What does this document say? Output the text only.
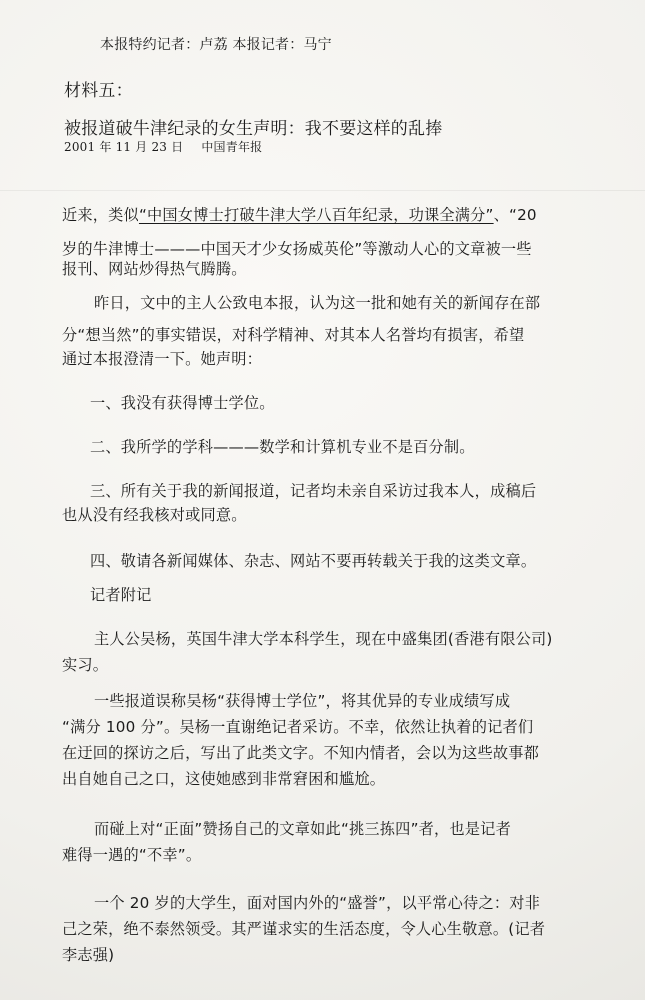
本报特约记者：卢荔 本报记者：马宁
材料五：
被报道破牛津纪录的女生声明：我不要这样的乱捧
2001 年 11 月 23 日 中国青年报
近来，类似“中国女博士打破牛津大学八百年纪录，功课全满分”、“20
岁的牛津博士———中国天才少女扬威英伦”等激动人心的文章被一些
报刊、网站炒得热气腾腾。
昨日，文中的主人公致电本报，认为这一批和她有关的新闻存在部
分“想当然”的事实错误，对科学精神、对其本人名誉均有损害，希望
通过本报澄清一下。她声明：
一、我没有获得博士学位。
二、我所学的学科———数学和计算机专业不是百分制。
三、所有关于我的新闻报道，记者均未亲自采访过我本人，成稿后
也从没有经我核对或同意。
四、敬请各新闻媒体、杂志、网站不要再转载关于我的这类文章。
记者附记
主人公吴杨，英国牛津大学本科学生，现在中盛集团(香港有限公司)
实习。
一些报道误称吴杨“获得博士学位”，将其优异的专业成绩写成
“满分 100 分”。吴杨一直谢绝记者采访。不幸，依然让执着的记者们
在迂回的探访之后，写出了此类文字。不知内情者，会以为这些故事都
出自她自己之口，这使她感到非常窘困和尴尬。
而碰上对“正面”赞扬自己的文章如此“挑三拣四”者，也是记者
难得一遇的“不幸”。
一个 20 岁的大学生，面对国内外的“盛誉”，以平常心待之：对非
己之荣，绝不泰然领受。其严谨求实的生活态度，令人心生敬意。(记者
李志强)
